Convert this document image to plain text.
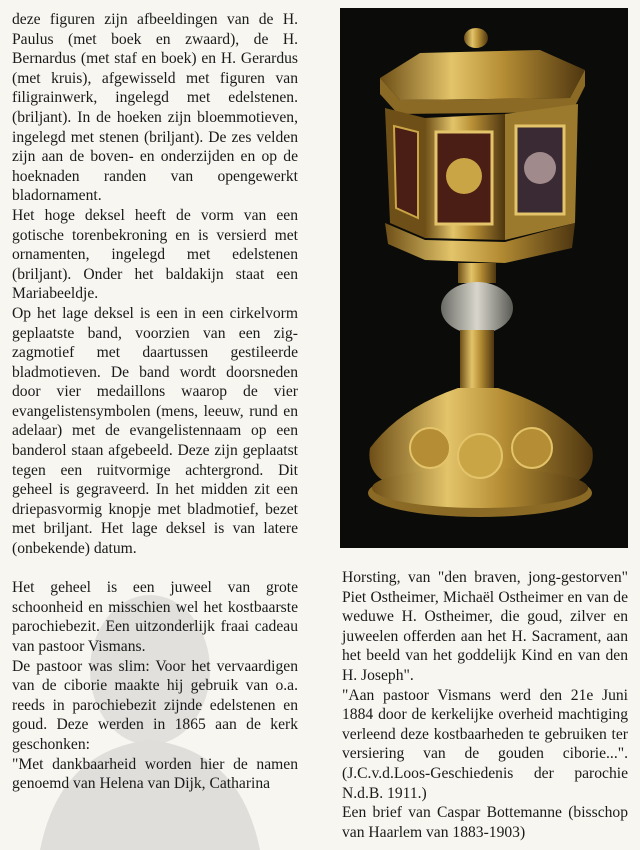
deze figuren zijn afbeeldingen van de H. Paulus (met boek en zwaard), de H. Bernardus (met staf en boek) en H. Gerardus (met kruis), afgewisseld met figuren van filigrainwerk, ingelegd met edelstenen. (briljant). In de hoeken zijn bloemmotieven, ingelegd met stenen (briljant). De zes velden zijn aan de boven- en onderzijden en op de hoeknaden randen van opengewerkt bladornament.

Het hoge deksel heeft de vorm van een gotische torenbekroning en is versierd met ornamenten, ingelegd met edelstenen (briljant). Onder het baldakijn staat een Mariabeeldje.

Op het lage deksel is een in een cirkelvorm geplaatste band, voorzien van een zig-zagmotief met daartussen gestileerde bladmotieven. De band wordt doorsneden door vier medaillons waarop de vier evangelistensymbolen (mens, leeuw, rund en adelaar) met de evangelistennaam op een banderol staan afgebeeld. Deze zijn geplaatst tegen een ruitvormige achtergrond. Dit geheel is gegraveerd. In het midden zit een driepasvormig knopje met bladmotief, bezet met briljant. Het lage deksel is van latere (onbekende) datum.

Het geheel is een juweel van grote schoonheid en misschien wel het kostbaarste parochiebezit. Een uitzonderlijk fraai cadeau van pastoor Vismans.

De pastoor was slim: Voor het vervaardigen van de ciborie maakte hij gebruik van o.a. reeds in parochiebezit zijnde edelstenen en goud. Deze werden in 1865 aan de kerk geschonken:

"Met dankbaarheid worden hier de namen genoemd van Helena van Dijk, Catharina

Horsting, van "den braven, jong-gestorven" Piet Ostheimer, Michaël Ostheimer en van de weduwe H. Ostheimer, die goud, zilver en juweelen offerden aan het H. Sacrament, aan het beeld van het goddelijk Kind en van den H. Joseph".

"Aan pastoor Vismans werd den 21e Juni 1884 door de kerkelijke overheid machtiging verleend deze kostbaarheden te gebruiken ter versiering van de gouden ciborie...". (J.C.v.d.Loos-Geschiedenis der parochie N.d.B. 1911.)

Een brief van Caspar Bottemanne (bisschop van Haarlem van 1883-1903)
